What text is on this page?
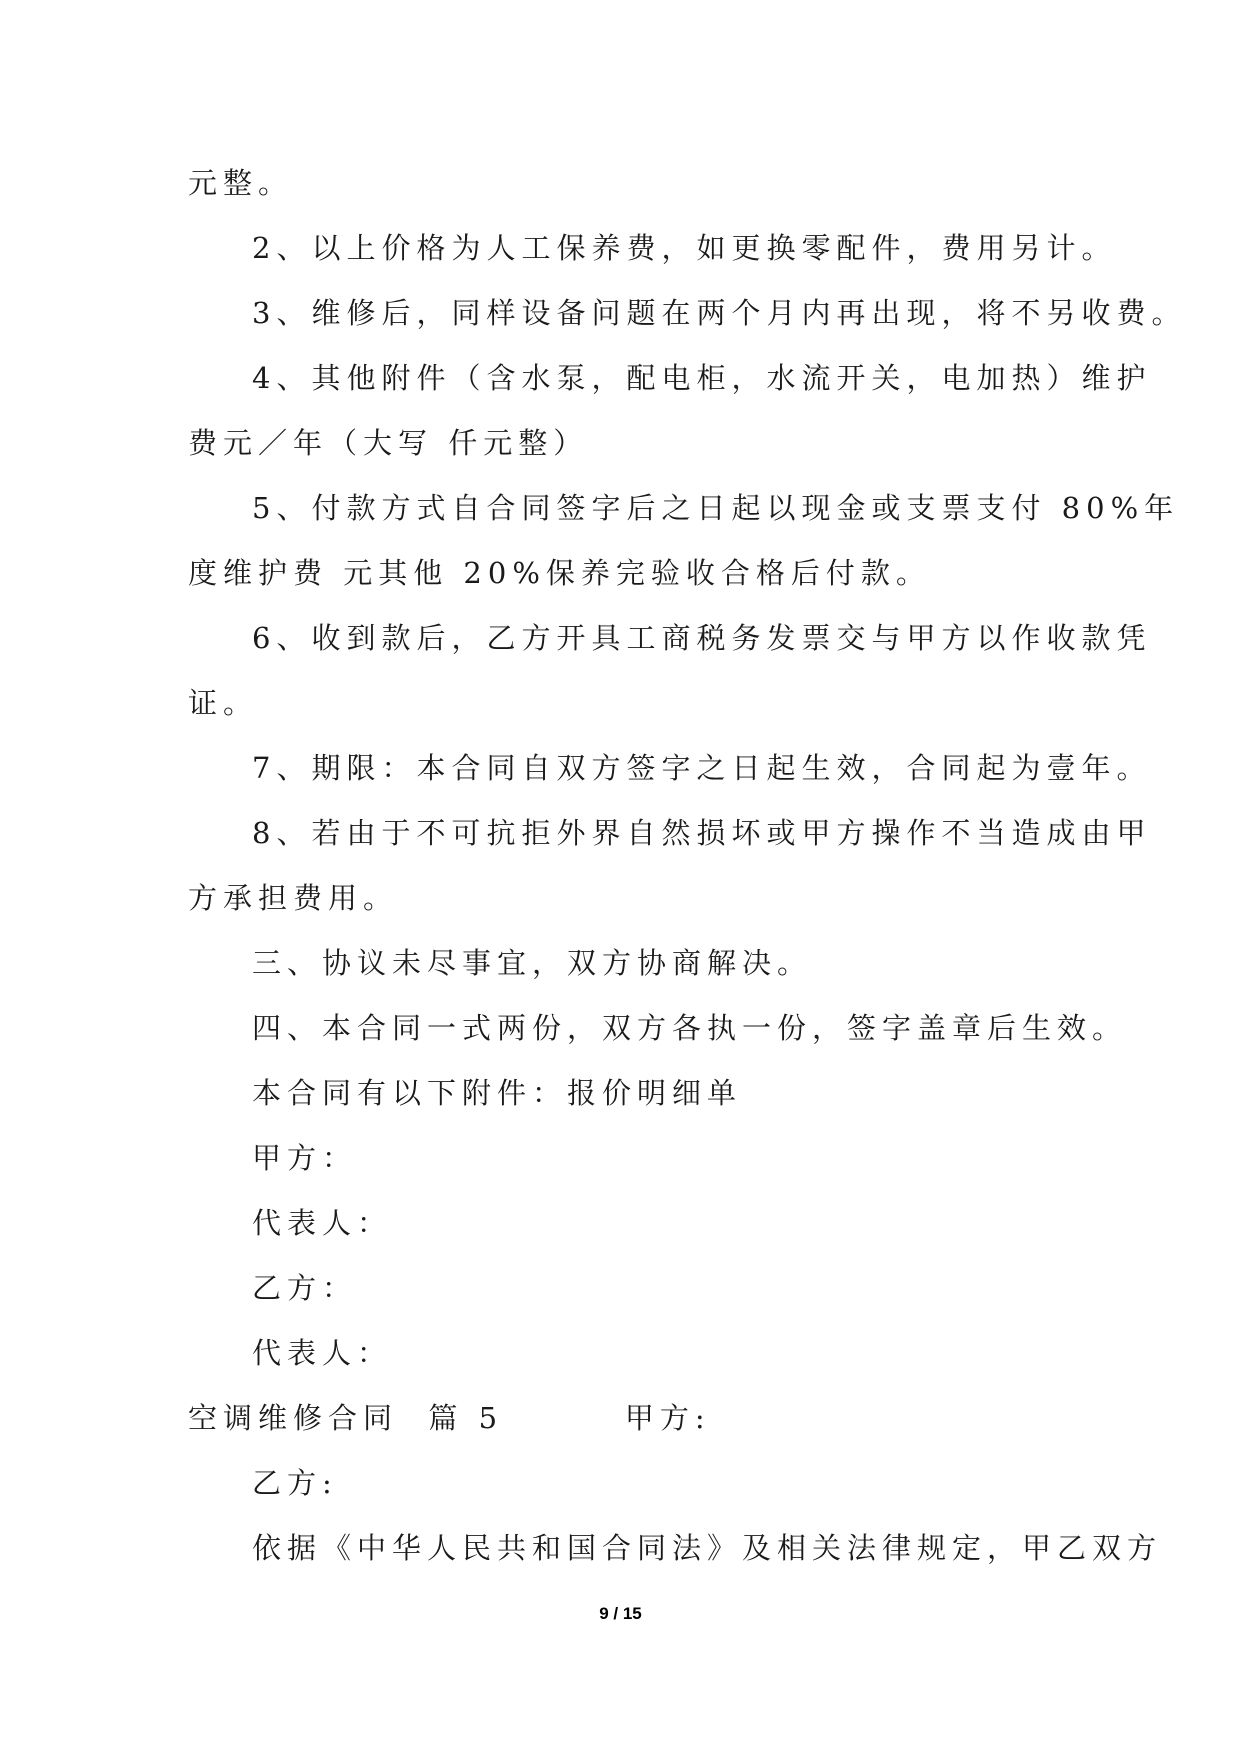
元整。
2、以上价格为人工保养费，如更换零配件，费用另计。
3、维修后，同样设备问题在两个月内再出现，将不另收费。
4、其他附件（含水泵，配电柜，水流开关，电加热）维护
费元／年（大写 仟元整）
5、付款方式自合同签字后之日起以现金或支票支付 80%年
度维护费 元其他 20%保养完验收合格后付款。
6、收到款后，乙方开具工商税务发票交与甲方以作收款凭
证。
7、期限：本合同自双方签字之日起生效，合同起为壹年。
8、若由于不可抗拒外界自然损坏或甲方操作不当造成由甲
方承担费用。
三、协议未尽事宜，双方协商解决。
四、本合同一式两份，双方各执一份，签字盖章后生效。
本合同有以下附件：报价明细单
甲方：
代表人：
乙方：
代表人：
空调维修合同  篇 5        甲方:
乙方:
依据《中华人民共和国合同法》及相关法律规定，甲乙双方
9 / 15
